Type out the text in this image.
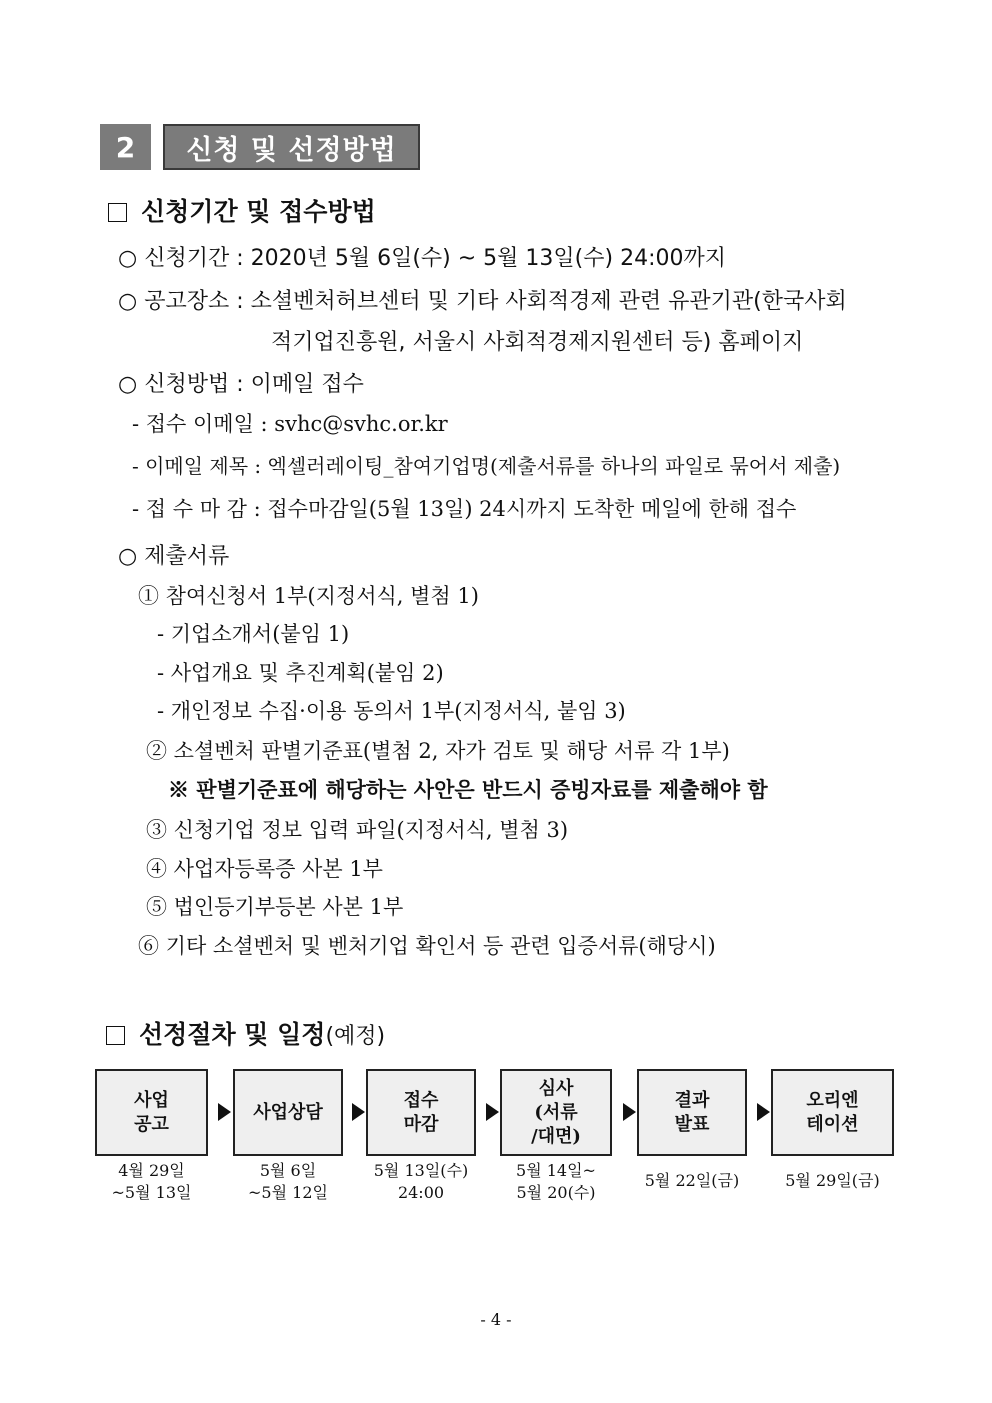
2	신청 및 선정방법
신청기간 및 접수방법
○ 신청기간 : 2020년 5월 6일(수) ~ 5월 13일(수) 24:00까지
○ 공고장소 : 소셜벤처허브센터 및 기타 사회적경제 관련 유관기관(한국사회
적기업진흥원, 서울시 사회적경제지원센터 등) 홈페이지
○ 신청방법 : 이메일 접수
- 접수 이메일 : svhc@svhc.or.kr
- 이메일 제목 : 엑셀러레이팅_참여기업명(제출서류를 하나의 파일로 묶어서 제출)
- 접 수 마 감 : 접수마감일(5월 13일) 24시까지 도착한 메일에 한해 접수
○ 제출서류
① 참여신청서 1부(지정서식, 별첨 1)
- 기업소개서(붙임 1)
- 사업개요 및 추진계획(붙임 2)
- 개인정보 수집·이용 동의서 1부(지정서식, 붙임 3)
② 소셜벤처 판별기준표(별첨 2, 자가 검토 및 해당 서류 각 1부)
※ 판별기준표에 해당하는 사안은 반드시 증빙자료를 제출해야 함
③ 신청기업 정보 입력 파일(지정서식, 별첨 3)
④ 사업자등록증 사본 1부
⑤ 법인등기부등본 사본 1부
⑥ 기타 소셜벤처 및 벤처기업 확인서 등 관련 입증서류(해당시)
선정절차 및 일정(예정)
사업
공고
사업상담
접수
마감
심사
(서류
/대면)
결과
발표
오리엔
테이션
4월 29일
~5월 13일
5월 6일
~5월 12일
5월 13일(수)
24:00
5월 14일~
5월 20(수)
5월 22일(금)	5월 29일(금)
- 4 -
